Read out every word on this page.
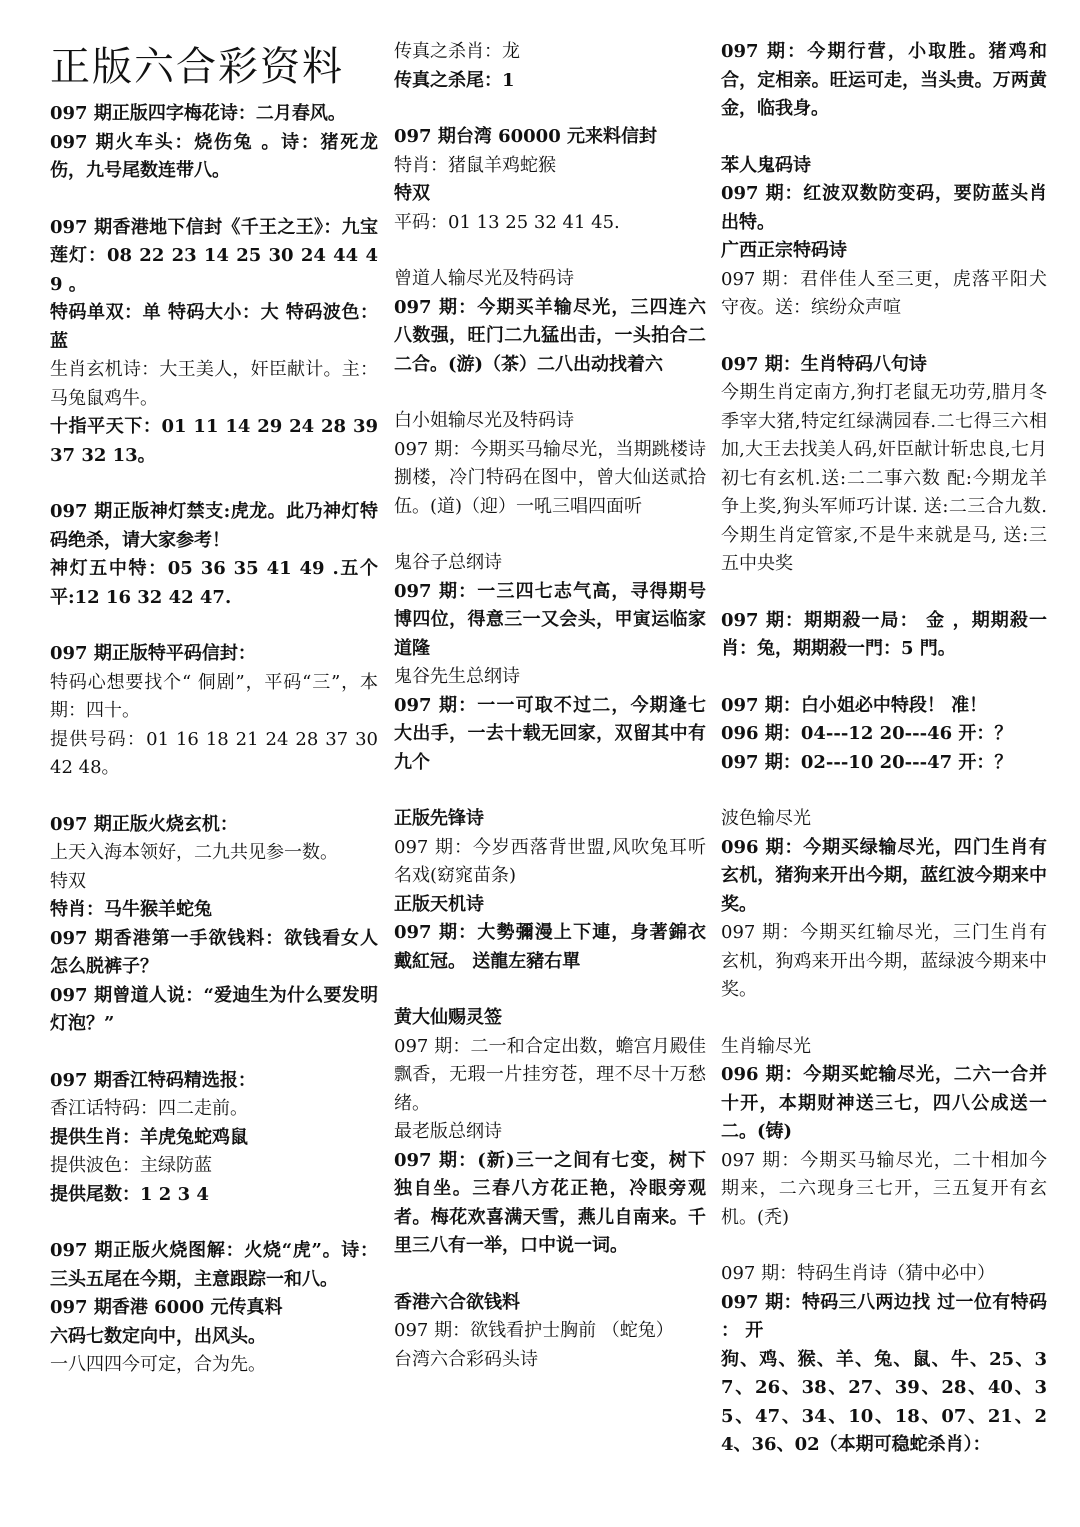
正版六合彩资料
097 期正版四字梅花诗：二月春风。
097 期火车头：烧伤兔 。诗：猪死龙伤，九号尾数连带八。
097 期香港地下信封《千王之王》：九宝莲灯：08 22 23 14 25 30 24 44 49 。
特码单双：单 特码大小：大 特码波色：蓝
生肖玄机诗：大王美人，奸臣献计。主：马兔鼠鸡牛。
十指平天下：01 11 14 29 24 28 39 37 32 13。
097 期正版神灯禁支:虎龙。此乃神灯特码绝杀，请大家参考！
神灯五中特：05 36 35 41 49 .五个平:12 16 32 42 47.
097 期正版特平码信封：
特码心想要找个“ 侗剧”，平码“三”，本期：四十。
提供号码：01 16 18 21 24 28 37 30 42 48。
097 期正版火烧玄机：
上天入海本领好，二九共见参一数。
特双
特肖：马牛猴羊蛇兔
097 期香港第一手欲钱料：欲钱看女人怎么脱裤子？
097 期曾道人说：“爱迪生为什么要发明灯泡？”
097 期香江特码精选报：
香江话特码：四二走前。
提供生肖：羊虎兔蛇鸡鼠
提供波色：主绿防蓝
提供尾数：1 2 3 4
097 期正版火烧图解：火烧“虎”。诗：三头五尾在今期，主意跟踪一和八。
097 期香港 6000 元传真料
六码七数定向中，出风头。
一八四四今可定，合为先。
传真之杀肖：龙
传真之杀尾：1
097 期台湾 60000 元来料信封
特肖：猪鼠羊鸡蛇猴
特双
平码：01 13 25 32 41 45.
曾道人输尽光及特码诗
097 期：今期买羊输尽光，三四连六八数强，旺门二九猛出击，一头拍合二二合。(游)（茶）二八出动找着六
白小姐输尽光及特码诗
097 期：今期买马输尽光，当期跳楼诗捌楼，冷门特码在图中，曾大仙送贰拾伍。(道)（迎）一吼三唱四面听
鬼谷子总纲诗
097 期：一三四七志气高，寻得期号博四位，得意三一又会头，甲寅运临家道隆
鬼谷先生总纲诗
097 期：一一可取不过二，今期逢七大出手，一去十载无回家，双留其中有九个
正版先锋诗
097 期：今岁西落背世盟,风吹兔耳听名戏(窈窕苗条)
正版天机诗
097 期：大勢彌漫上下連，身著錦衣戴紅冠。 送龍左豬右單
黄大仙赐灵签
097 期：二一和合定出数，蟾宫月殿佳飘香，无瑕一片挂穷苍，理不尽十万愁绪。
最老版总纲诗
097 期：(新)三一之间有七变，树下独自坐。三春八方花正艳，冷眼旁观者。梅花欢喜满天雪，燕儿自南来。千里三八有一举，口中说一词。
香港六合欲钱料
097 期：欲钱看护士胸前 （蛇兔）
台湾六合彩码头诗
097 期：今期行营，小取胜。猪鸡和合，定相亲。旺运可走，当头贵。万两黄金，临我身。
苯人鬼码诗
097 期：红波双数防变码，要防蓝头肖出特。
广西正宗特码诗
097 期：君伴佳人至三更，虎落平阳犬守夜。送：缤纷众声喧
097 期：生肖特码八句诗
今期生肖定南方,狗打老鼠无功劳,腊月冬季宰大猪,特定红绿满园春.二七得三六相加,大王去找美人码,奸臣献计斩忠良,七月初七有玄机.送:二二事六数 配:今期龙羊争上奖,狗头军师巧计谋. 送:二三合九数. 今期生肖定管家,不是牛来就是马, 送:三五中央奖
097 期：期期殺一局： 金 ，期期殺一肖：兔，期期殺一門：5 門。
097 期：白小姐必中特段！ 准！
096 期：04---12 20---46 开：？
097 期：02---10 20---47 开：？
波色输尽光
096 期：今期买绿输尽光，四门生肖有玄机，猪狗来开出今期，蓝红波今期来中奖。
097 期：今期买红输尽光，三门生肖有玄机，狗鸡来开出今期，蓝绿波今期来中奖。
生肖输尽光
096 期：今期买蛇输尽光，二六一合并十开，本期财神送三七，四八公成送一二。(铸)
097 期：今期买马输尽光，二十相加今期来，二六现身三七开，三五复开有玄机。(秃)
097 期：特码生肖诗（猜中必中）
097 期：特码三八两边找 过一位有特码 ： 开
狗、鸡、猴、羊、兔、鼠、牛、25、37、26、38、27、39、28、40、35、47、34、10、18、07、21、24、36、02（本期可稳蛇杀肖）：
